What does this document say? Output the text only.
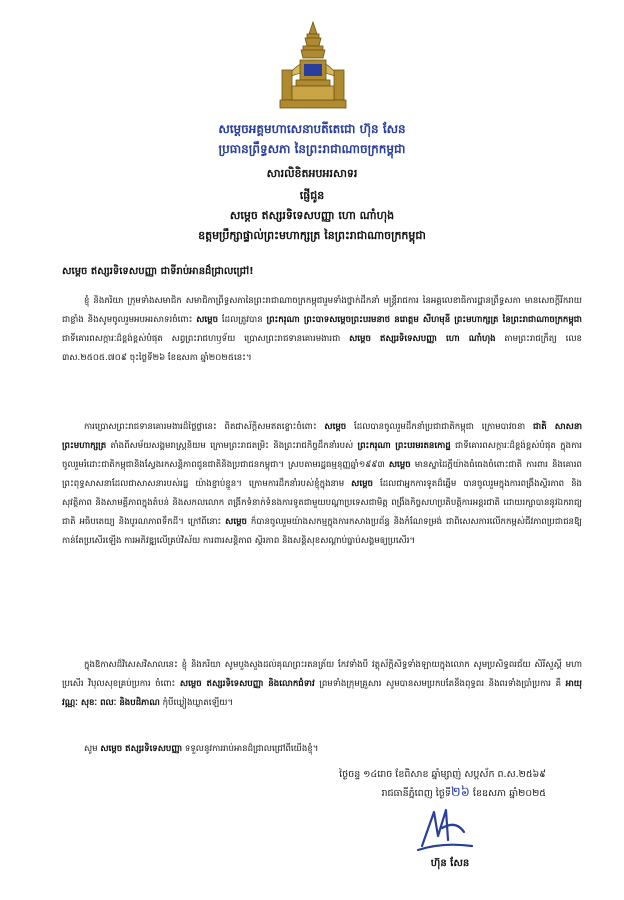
សម្ដេចអគ្គមហាសេនាបតីតេជោ ហ៊ុន សែន
ប្រធានព្រឹទ្ធសភា នៃព្រះរាជាណាចក្រកម្ពុជា
សារលិខិតអបអរសាទរ
ផ្ញើជូន
សម្ដេច ឥស្សរទិទេសបញ្ញា ហោ ណាំហុង
ឧត្តមប្រឹក្សាផ្ទាល់ព្រះមហាក្សត្រ នៃព្រះរាជាណាចក្រកម្ពុជា
សម្ដេច ឥស្សរទិទេសបញ្ញា ជាទីរាប់អានដ៏ជ្រាលជ្រៅ!
ខ្ញុំ និងភរិយា ក្រុមទាំងសមាជិក សមាជិកាព្រឹទ្ធសភានៃព្រះរាជាណាចក្រកម្ពុជារួមទាំងថ្នាក់ដឹកនាំ មន្ត្រីរាជការ នៃអគ្គលេខាធិការដ្ឋានព្រឹទ្ធសភា មានសេចក្ដីរីករាយជាខ្លាំង និងសូមចូលរួមអបអរសាទរចំពោះ សម្ដេច ដែលត្រូវបាន ព្រះករុណា ព្រះបាទសម្ដេចព្រះបរមនាថ នរោត្តម សីហមុនី ព្រះមហាក្សត្រ នៃព្រះរាជាណាចក្រកម្ពុជា ជាទីគោរពសក្ការៈដ៏ខ្ពង់ខ្ពស់បំផុត សព្វព្រះរាជហឫទ័យ ប្រោសព្រះរាជទានគោរមងារជា សម្ដេច ឥស្សរទិទេសបញ្ញា ហោ ណាំហុង តាមព្រះរាជក្រឹត្យ លេខ ៣ស.២៥០៥.៧០៩ ចុះថ្ងៃទី២៦ ខែឧសភា ឆ្នាំ២០២៥នេះ។
ការប្រោសព្រះរាជទានគោរមងារដ៏ថ្លៃថ្លានេះ ពិតជាស័ក្តិសមឥតខ្ចោះចំពោះ សម្ដេច ដែលបានចូលរួមដឹកនាំប្រជាជាតិកម្ពុជា ក្រោមបាវចនា ជាតិ សាសនា ព្រះមហាក្សត្រ តាំងពីសម័យសង្គមរាស្ត្រនិយម ក្រោមព្រះរាជតម្រិះ និងព្រះរាជកិច្ចដឹកនាំរបស់ ព្រះករុណា ព្រះបរមរតនកោដ្ឋ ជាទីគោរពសក្ការៈដ៏ខ្ពង់ខ្ពស់បំផុត ក្នុងការចូលរួមរំដោះជាតិកម្ពុជានិងស្វែងរកសន្តិភាពជូនជាតិនិងប្រជាជនកម្ពុជា។ ស្របតាមរដ្ឋធម្មនុញ្ញឆ្នាំ១៩៩៣ សម្ដេច មានស្នាដៃក្តីយ៉ាងធំធេងចំពោះជាតិ ការពារ និងគោរពព្រះពុទ្ធសាសនាដែលជាសាសនារបស់រដ្ឋ យ៉ាងខ្ជាប់ខ្ជួន។ ក្រោមការដឹកនាំរបស់ខ្ញុំក្នុងនាម សម្ដេច ដែលជាអ្នកការទូតដ៏ឆ្នើម បានចូលរួមក្នុងការពង្រឹងស្ថិរភាព និងសុវត្ថិភាព និងសាមគ្គីភាពក្នុងតំបន់ និងសកលលោក ពង្រីកទំនាក់ទំនងការទូតជាមួយបណ្តាប្រទេសជាមិត្ត ពង្រឹងកិច្ចសហប្រតិបត្តិការអន្តរជាតិ ដោយរក្សាបាននូវឯករាជ្យជាតិ អធិបតេយ្យ និងបូរណភាពទឹកដី។ ក្រៅពីនោះ សម្ដេច ក៏បានចូលរួមយ៉ាងសកម្មក្នុងការកសាងប្រព័ន្ធ និងកំណែទម្រង់ ជាពិសេសការលើកកម្ពស់ជីវភាពប្រជាជនឱ្យកាន់តែប្រសើរឡើង ការអភិវឌ្ឍលើគ្រប់វិស័យ ការពារសន្តិភាព ស្ថិរភាព និងសន្តិសុខសណ្តាប់ធ្នាប់សង្គមឲ្យប្រសើរ។
ក្នុងឱកាសដ៏វិសេសវិសាលនេះ ខ្ញុំ និងភរិយា សូមបួងសួងដល់គុណព្រះរតនត្រ័យ កែវទាំងបី វត្ថុស័ក្តិសិទ្ធទាំងឡាយក្នុងលោក សូមប្រសិទ្ធពរជ័យ សិរីសួស្តី មហាប្រសើរ វិបុលសុខគ្រប់ប្រការ ចំពោះ សម្ដេច ឥស្សរទិទេសបញ្ញា និងលោកជំទាវ ព្រមទាំងក្រុមគ្រួសារ សូមបានសមប្រកបតែនឹងពុទ្ធពរ និងពរទាំងប្រាំប្រការ គឺ អាយុ វណ្ណៈ សុខៈ ពលៈ និងបដិភាណ កុំបីឃ្លៀងឃ្លាតឡើយ។
សូម សម្ដេច ឥស្សរទិទេសបញ្ញា ទទួលនូវការរាប់អានដ៏ជ្រាលជ្រៅពីយើងខ្ញុំ។
ថ្ងៃចន្ទ ១៤រោច ខែពិសាខ ឆ្នាំម្សាញ់ សប្តស័ក ព.ស.២៥៦៩
រាជធានីភ្នំពេញ ថ្ងៃទី២៦ ខែឧសភា ឆ្នាំ២០២៥
ហ៊ុន សែន
